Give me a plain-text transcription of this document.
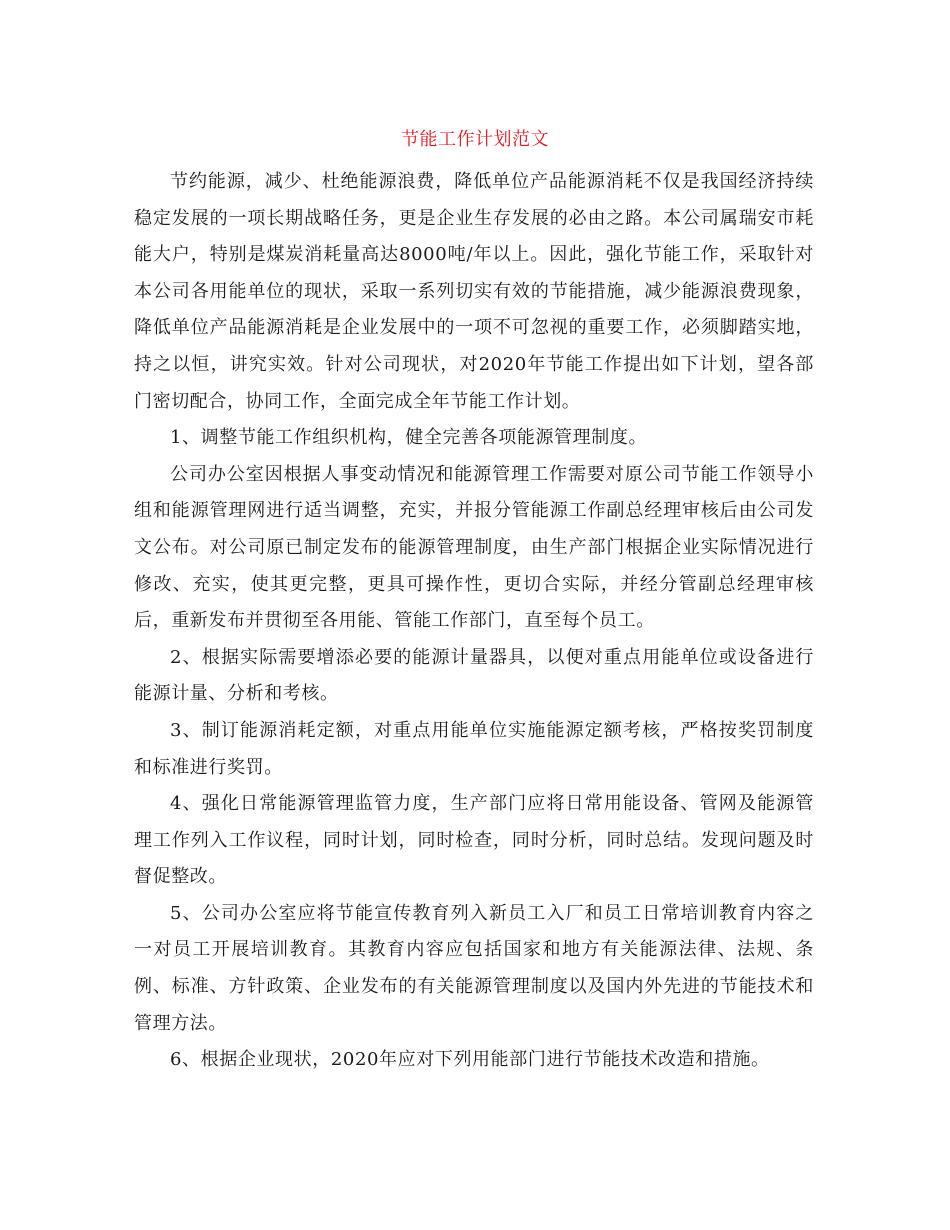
节能工作计划范文

节约能源，减少、杜绝能源浪费，降低单位产品能源消耗不仅是我国经济持续稳定发展的一项长期战略任务，更是企业生存发展的必由之路。本公司属瑞安市耗能大户，特别是煤炭消耗量高达8000吨/年以上。因此，强化节能工作，采取针对本公司各用能单位的现状，采取一系列切实有效的节能措施，减少能源浪费现象，降低单位产品能源消耗是企业发展中的一项不可忽视的重要工作，必须脚踏实地，持之以恒，讲究实效。针对公司现状，对2020年节能工作提出如下计划，望各部门密切配合，协同工作，全面完成全年节能工作计划。

1、调整节能工作组织机构，健全完善各项能源管理制度。

公司办公室因根据人事变动情况和能源管理工作需要对原公司节能工作领导小组和能源管理网进行适当调整，充实，并报分管能源工作副总经理审核后由公司发文公布。对公司原已制定发布的能源管理制度，由生产部门根据企业实际情况进行修改、充实，使其更完整，更具可操作性，更切合实际，并经分管副总经理审核后，重新发布并贯彻至各用能、管能工作部门，直至每个员工。

2、根据实际需要增添必要的能源计量器具，以便对重点用能单位或设备进行能源计量、分析和考核。

3、制订能源消耗定额，对重点用能单位实施能源定额考核，严格按奖罚制度和标准进行奖罚。

4、强化日常能源管理监管力度，生产部门应将日常用能设备、管网及能源管理工作列入工作议程，同时计划，同时检查，同时分析，同时总结。发现问题及时督促整改。

5、公司办公室应将节能宣传教育列入新员工入厂和员工日常培训教育内容之一对员工开展培训教育。其教育内容应包括国家和地方有关能源法律、法规、条例、标准、方针政策、企业发布的有关能源管理制度以及国内外先进的节能技术和管理方法。

6、根据企业现状，2020年应对下列用能部门进行节能技术改造和措施。
